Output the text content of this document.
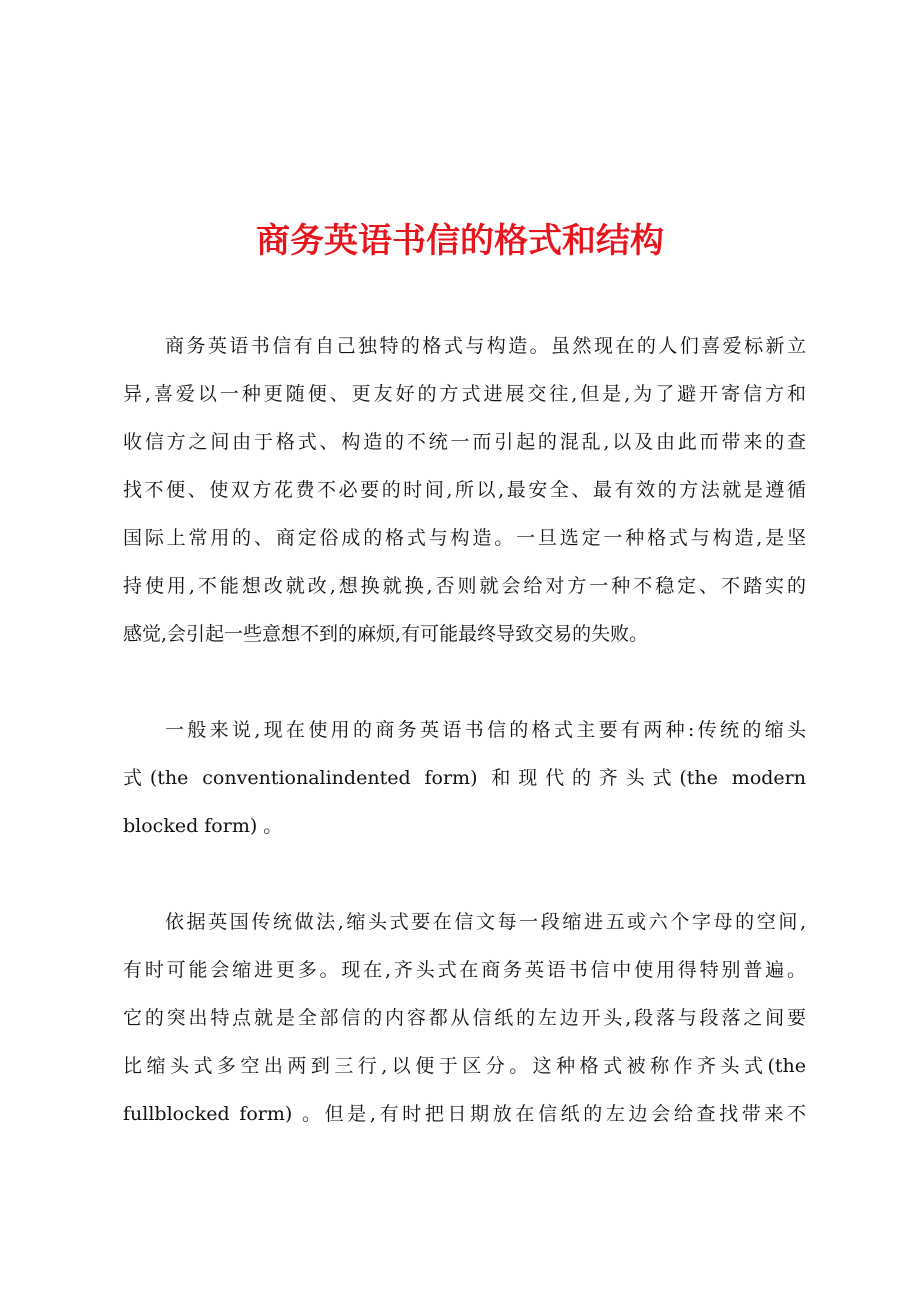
商务英语书信的格式和结构
商务英语书信有自己独特的格式与构造。虽然现在的人们喜爱标新立
异,喜爱以一种更随便、更友好的方式进展交往,但是,为了避开寄信方和
收信方之间由于格式、构造的不统一而引起的混乱,以及由此而带来的查
找不便、使双方花费不必要的时间,所以,最安全、最有效的方法就是遵循
国际上常用的、商定俗成的格式与构造。一旦选定一种格式与构造,是坚
持使用,不能想改就改,想换就换,否则就会给对方一种不稳定、不踏实的
感觉,会引起一些意想不到的麻烦,有可能最终导致交易的失败。
一般来说,现在使用的商务英语书信的格式主要有两种:传统的缩头
式(the conventionalindented form) 和现代的齐头式(the modern
blocked form) 。
依据英国传统做法,缩头式要在信文每一段缩进五或六个字母的空间,
有时可能会缩进更多。现在,齐头式在商务英语书信中使用得特别普遍。
它的突出特点就是全部信的内容都从信纸的左边开头,段落与段落之间要
比缩头式多空出两到三行,以便于区分。这种格式被称作齐头式(the
fullblocked form) 。但是,有时把日期放在信纸的左边会给查找带来不
